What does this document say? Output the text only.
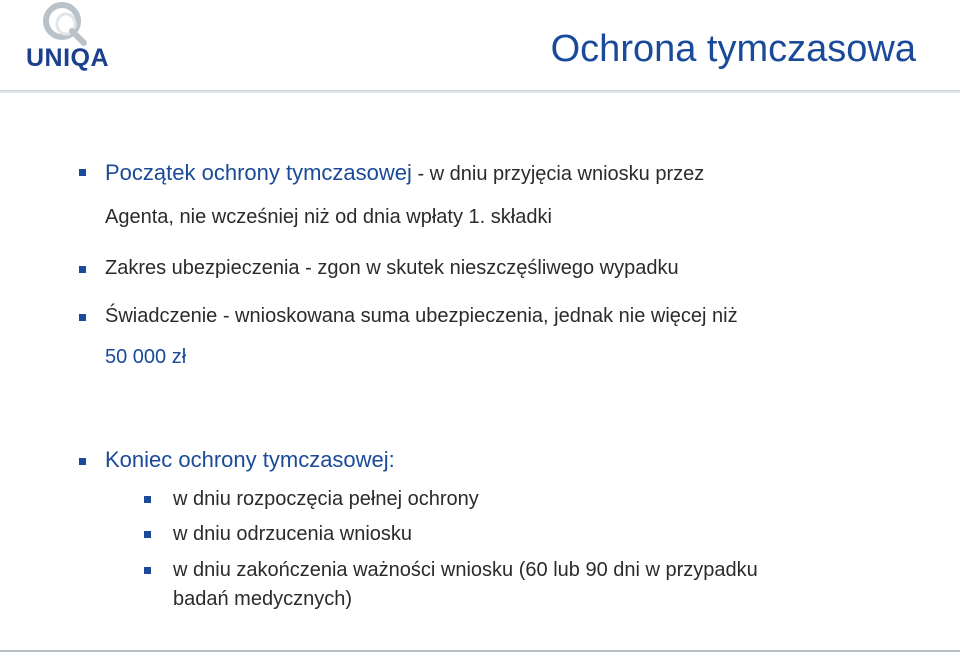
UNIQA	Ochrona tymczasowa
Początek ochrony tymczasowej - w dniu przyjęcia wniosku przez
Agenta, nie wcześniej niż od dnia wpłaty 1. składki
Zakres ubezpieczenia - zgon w skutek nieszczęśliwego wypadku
Świadczenie - wnioskowana suma ubezpieczenia, jednak nie więcej niż
50 000 zł
Koniec ochrony tymczasowej:
w dniu rozpoczęcia pełnej ochrony
w dniu odrzucenia wniosku
w dniu zakończenia ważności wniosku (60 lub 90 dni w przypadku
badań medycznych)
